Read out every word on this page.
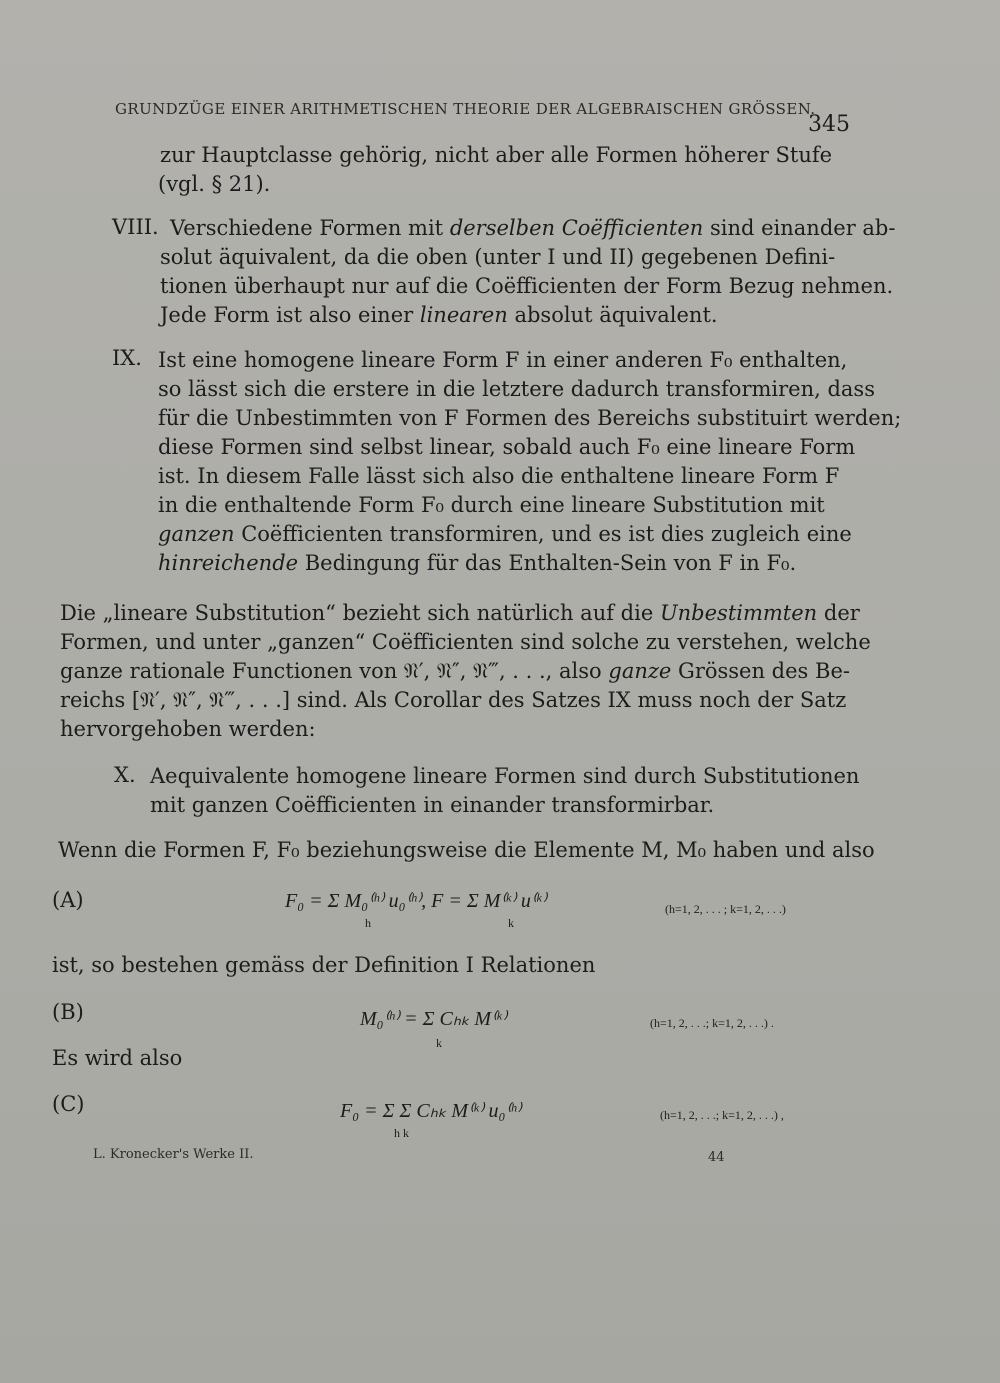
GRUNDZÜGE EINER ARITHMETISCHEN THEORIE DER ALGEBRAISCHEN GRÖSSEN.
345
zur Hauptclasse gehörig, nicht aber alle Formen höherer Stufe
(vgl. § 21).
VIII. Verschiedene Formen mit derselben Coëfficienten sind einander ab-
solut äquivalent, da die oben (unter I und II) gegebenen Defini-
tionen überhaupt nur auf die Coëfficienten der Form Bezug nehmen.
Jede Form ist also einer linearen absolut äquivalent.
IX. Ist eine homogene lineare Form F in einer anderen F₀ enthalten,
so lässt sich die erstere in die letztere dadurch transformiren, dass
für die Unbestimmten von F Formen des Bereichs substituirt werden;
diese Formen sind selbst linear, sobald auch F₀ eine lineare Form
ist. In diesem Falle lässt sich also die enthaltene lineare Form F
in die enthaltende Form F₀ durch eine lineare Substitution mit
ganzen Coëfficienten transformiren, und es ist dies zugleich eine
hinreichende Bedingung für das Enthalten-Sein von F in F₀.
Die „lineare Substitution“ bezieht sich natürlich auf die Unbestimmten der
Formen, und unter „ganzen“ Coëfficienten sind solche zu verstehen, welche
ganze rationale Functionen von 𝔑′, 𝔑″, 𝔑‴, . . ., also ganze Grössen des Be-
reichs [𝔑′, 𝔑″, 𝔑‴, . . .] sind. Als Corollar des Satzes IX muss noch der Satz
hervorgehoben werden:
X. Aequivalente homogene lineare Formen sind durch Substitutionen
mit ganzen Coëfficienten in einander transformirbar.
Wenn die Formen F, F₀ beziehungsweise die Elemente M, M₀ haben und also
(A)	F₀ = Σ M₀⁽ʰ⁾ u₀⁽ʰ⁾, F = Σ M⁽ᵏ⁾ u⁽ᵏ⁾
h	k
(h=1, 2, . . . ; k=1, 2, . . .)
ist, so bestehen gemäss der Definition I Relationen
(B)	M₀⁽ʰ⁾ = Σ Cₕₖ M⁽ᵏ⁾
k
(h=1, 2, . . .; k=1, 2, . . .) .
Es wird also
(C)	F₀ = Σ Σ Cₕₖ M⁽ᵏ⁾ u₀⁽ʰ⁾
h k
(h=1, 2, . . .; k=1, 2, . . .) ,
L. Kronecker's Werke II.	44
